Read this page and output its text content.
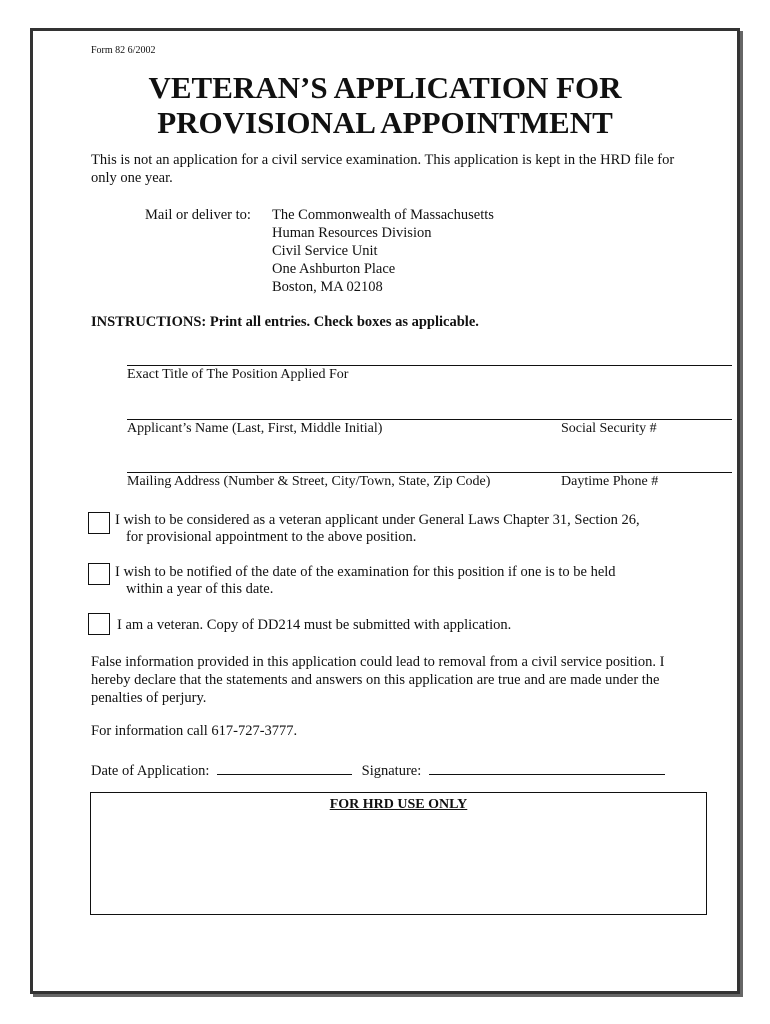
Form 82 6/2002
VETERAN’S APPLICATION FOR
PROVISIONAL APPOINTMENT
This is not an application for a civil service examination. This application is kept in the HRD file for only one year.
Mail or deliver to: The Commonwealth of Massachusetts
Human Resources Division
Civil Service Unit
One Ashburton Place
Boston, MA 02108
INSTRUCTIONS: Print all entries. Check boxes as applicable.
Exact Title of The Position Applied For
Applicant’s Name (Last, First, Middle Initial)	Social Security #
Mailing Address (Number & Street, City/Town, State, Zip Code)	Daytime Phone #
I wish to be considered as a veteran applicant under General Laws Chapter 31, Section 26,
for provisional appointment to the above position.
I wish to be notified of the date of the examination for this position if one is to be held
within a year of this date.
I am a veteran. Copy of DD214 must be submitted with application.
False information provided in this application could lead to removal from a civil service position. I hereby declare that the statements and answers on this application are true and are made under the penalties of perjury.
For information call 617-727-3777.
Date of Application:	Signature:
FOR HRD USE ONLY
